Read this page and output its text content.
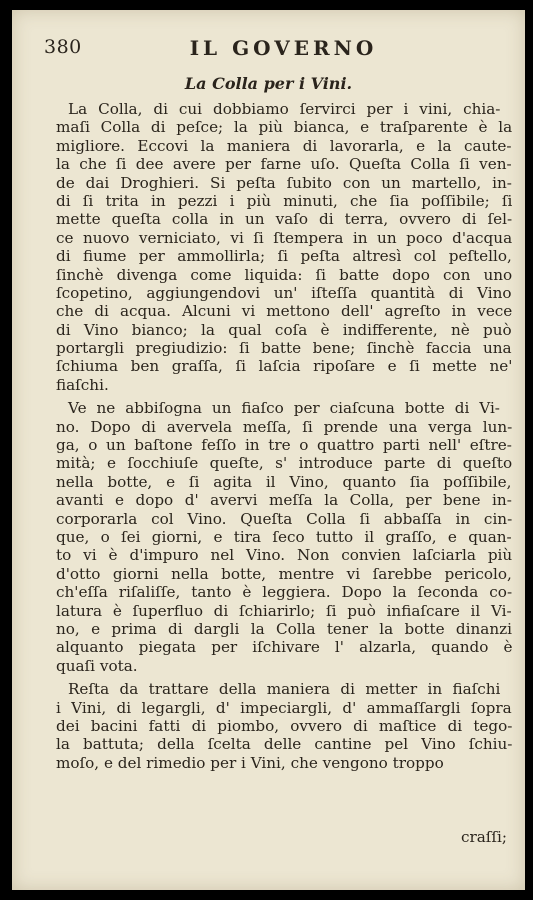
380	IL GOVERNO
La Colla per i Vini.
La Colla, di cui dobbiamo ſervirci per i vini, chia-
maſi Colla di peſce; la più bianca, e traſparente è la
migliore. Eccovi la maniera di lavorarla, e la caute-
la che ſi dee avere per farne uſo. Queſta Colla ſi ven-
de dai Droghieri. Si peſta ſubito con un martello, in-
di ſi trita in pezzi i più minuti, che ſia poſſibile; ſi
mette queſta colla in un vaſo di terra, ovvero di ſel-
ce nuovo verniciato, vi ſi ſtempera in un poco d'acqua
di fiume per ammollirla; ſi peſta altresì col peſtello,
ſinchè divenga come liquida: ſi batte dopo con uno
ſcopetino, aggiungendovi un' iſteſſa quantità di Vino
che di acqua. Alcuni vi mettono dell' agreſto in vece
di Vino bianco; la qual coſa è indifferente, nè può
portargli pregiudizio: ſi batte bene; ſinchè faccia una
ſchiuma ben graſſa, ſi laſcia ripoſare e ſi mette ne'
fiaſchi.
Ve ne abbiſogna un fiaſco per ciaſcuna botte di Vi-
no. Dopo di avervela meſſa, ſi prende una verga lun-
ga, o un baſtone feſſo in tre o quattro parti nell' eſtre-
mità; e ſocchiuſe queſte, s' introduce parte di queſto
nella botte, e ſi agita il Vino, quanto ſia poſſibile,
avanti e dopo d' avervi meſſa la Colla, per bene in-
corporarla col Vino. Queſta Colla ſi abbaſſa in cin-
que, o ſei giorni, e tira ſeco tutto il graſſo, e quan-
to vi è d'impuro nel Vino. Non convien laſciarla più
d'otto giorni nella botte, mentre vi ſarebbe pericolo,
ch'eſſa riſaliſſe, tanto è leggiera. Dopo la ſeconda co-
latura è ſuperfluo di ſchiarirlo; ſi può infiaſcare il Vi-
no, e prima di dargli la Colla tener la botte dinanzi
alquanto piegata per iſchivare l' alzarla, quando è
quaſi vota.
Reſta da trattare della maniera di metter in fiaſchi
i Vini, di legargli, d' impeciargli, d' ammaſſargli ſopra
dei bacini fatti di piombo, ovvero di maſtice di tego-
la battuta; della ſcelta delle cantine pel Vino ſchiu-
moſo, e del rimedio per i Vini, che vengono troppo
craſſi;
